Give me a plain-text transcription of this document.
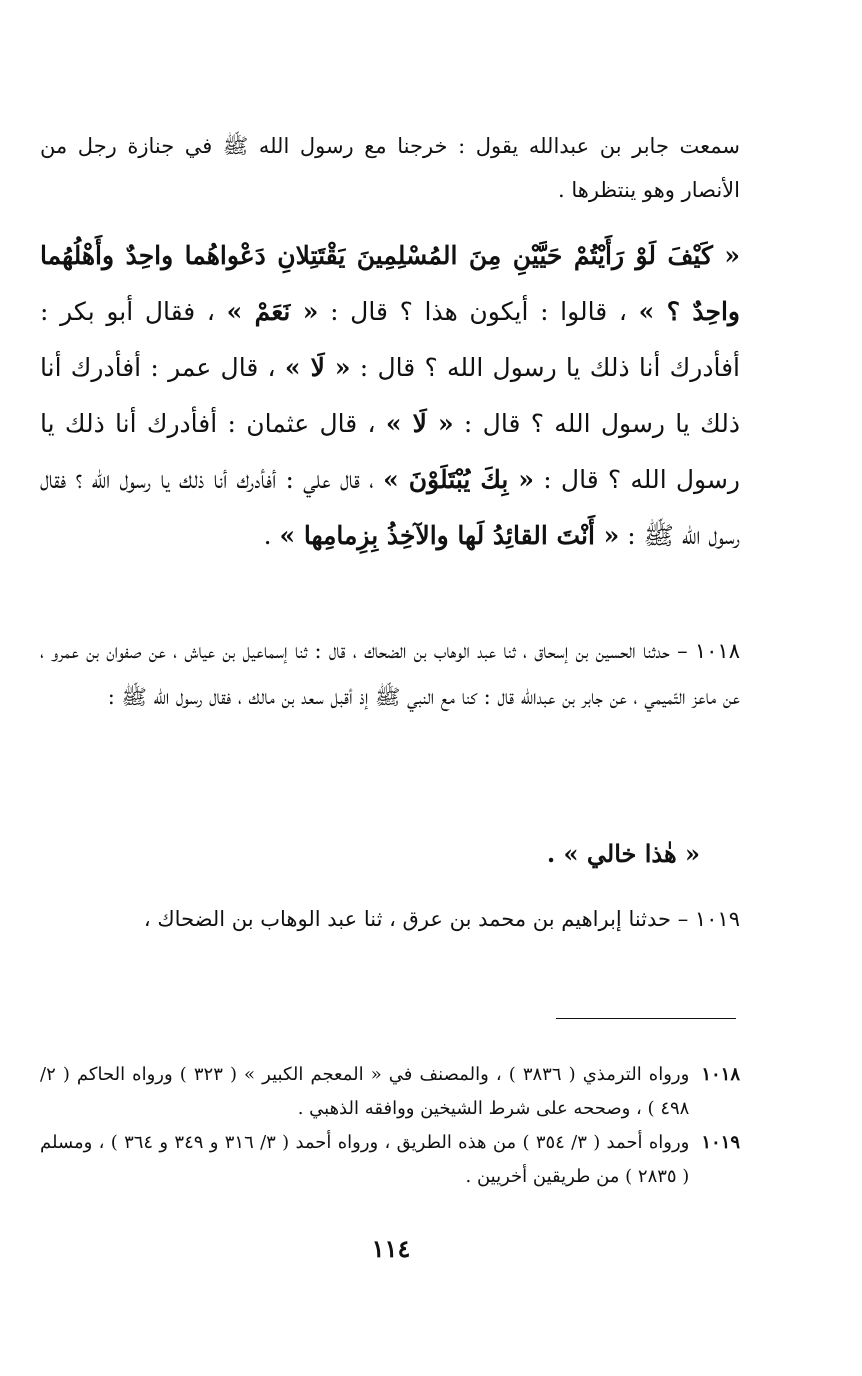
سمعت جابر بن عبدالله يقول : خرجنا مع رسول الله ﷺ في جنازة رجل من الأنصار وهو ينتظرها .
« كَيْفَ لَوْ رَأَيْتُمْ حَيَّيْنِ مِنَ المُسْلِمِينَ يَقْتَتِلانِ دَعْواهُما واحِدٌ وأَهْلُهُما واحِدٌ ؟ » ، قالوا : أيكون هذا ؟ قال : « نَعَمْ » ، فقال أبو بكر : أفأدرك أنا ذلك يا رسول الله ؟ قال : « لَا » ، قال عمر : أفأدرك أنا ذلك يا رسول الله ؟ قال : « لَا » ، قال عثمان : أفأدرك أنا ذلك يا رسول الله ؟ قال : « بِكَ يُبْتَلَوْنَ » ، قال علي : أفأدرك أنا ذلك يا رسول الله ؟ فقال رسول الله ﷺ : « أَنْتَ القائِدُ لَها والآخِذُ بِزِمامِها » .
١٠١٨ – حدثنا الحسين بن إسحاق ، ثنا عبد الوهاب بن الضحاك ، قال : ثنا إسماعيل بن عياش ، عن صفوان بن عمرو ، عن ماعز التّميمي ، عن جابر بن عبدالله قال : كنا مع النبي ﷺ إذ أقبل سعد بن مالك ، فقال رسول الله ﷺ :
« هٰذا خالي » .
١٠١٩ – حدثنا إبراهيم بن محمد بن عرق ، ثنا عبد الوهاب بن الضحاك ،
١٠١٨
ورواه الترمذي ( ٣٨٣٦ ) ، والمصنف في « المعجم الكبير » ( ٣٢٣ ) ورواه الحاكم ( ٢/ ٤٩٨ ) ، وصححه على شرط الشيخين ووافقه الذهبي .
١٠١٩
ورواه أحمد ( ٣/ ٣٥٤ ) من هذه الطريق ، ورواه أحمد ( ٣/ ٣١٦ و ٣٤٩ و ٣٦٤ ) ، ومسلم ( ٢٨٣٥ ) من طريقين أخريين .
١١٤
